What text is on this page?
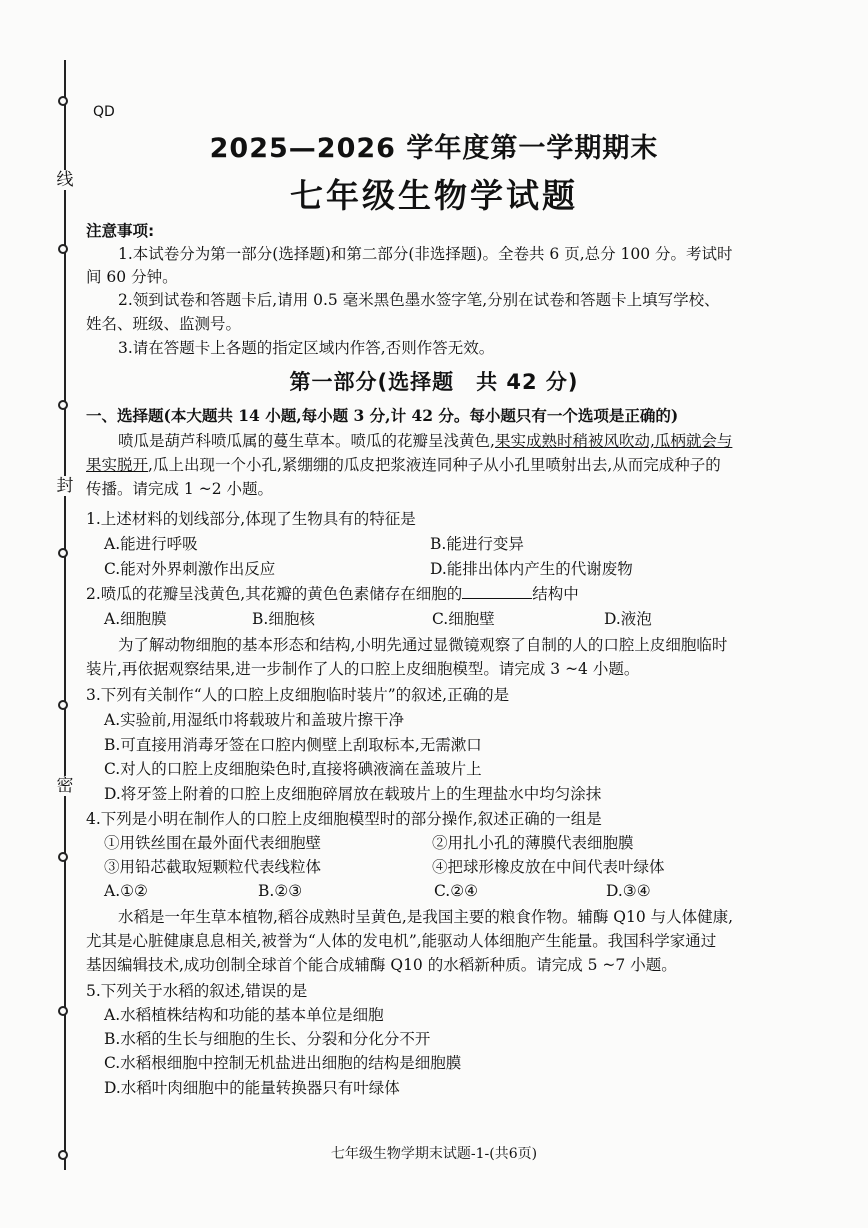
线
封
密
QD
2025—2026 学年度第一学期期末
七年级生物学试题
注意事项:
1.本试卷分为第一部分(选择题)和第二部分(非选择题)。全卷共 6 页,总分 100 分。考试时
间 60 分钟。
2.领到试卷和答题卡后,请用 0.5 毫米黑色墨水签字笔,分别在试卷和答题卡上填写学校、
姓名、班级、监测号。
3.请在答题卡上各题的指定区域内作答,否则作答无效。
第一部分(选择题　共 42 分)
一、选择题(本大题共 14 小题,每小题 3 分,计 42 分。每小题只有一个选项是正确的)
喷瓜是葫芦科喷瓜属的蔓生草本。喷瓜的花瓣呈浅黄色,果实成熟时稍被风吹动,瓜柄就会与
果实脱开,瓜上出现一个小孔,紧绷绷的瓜皮把浆液连同种子从小孔里喷射出去,从而完成种子的
传播。请完成 1 ~2 小题。
1.上述材料的划线部分,体现了生物具有的特征是
A.能进行呼吸	B.能进行变异
C.能对外界刺激作出反应	D.能排出体内产生的代谢废物
2.喷瓜的花瓣呈浅黄色,其花瓣的黄色色素储存在细胞的	结构中
A.细胞膜	B.细胞核	C.细胞壁	D.液泡
为了解动物细胞的基本形态和结构,小明先通过显微镜观察了自制的人的口腔上皮细胞临时
装片,再依据观察结果,进一步制作了人的口腔上皮细胞模型。请完成 3 ~4 小题。
3.下列有关制作“人的口腔上皮细胞临时装片”的叙述,正确的是
A.实验前,用湿纸巾将载玻片和盖玻片擦干净
B.可直接用消毒牙签在口腔内侧壁上刮取标本,无需漱口
C.对人的口腔上皮细胞染色时,直接将碘液滴在盖玻片上
D.将牙签上附着的口腔上皮细胞碎屑放在载玻片上的生理盐水中均匀涂抹
4.下列是小明在制作人的口腔上皮细胞模型时的部分操作,叙述正确的一组是
①用铁丝围在最外面代表细胞壁	②用扎小孔的薄膜代表细胞膜
③用铅芯截取短颗粒代表线粒体	④把球形橡皮放在中间代表叶绿体
A.①②	B.②③	C.②④	D.③④
水稻是一年生草本植物,稻谷成熟时呈黄色,是我国主要的粮食作物。辅酶 Q10 与人体健康,
尤其是心脏健康息息相关,被誉为“人体的发电机”,能驱动人体细胞产生能量。我国科学家通过
基因编辑技术,成功创制全球首个能合成辅酶 Q10 的水稻新种质。请完成 5 ~7 小题。
5.下列关于水稻的叙述,错误的是
A.水稻植株结构和功能的基本单位是细胞
B.水稻的生长与细胞的生长、分裂和分化分不开
C.水稻根细胞中控制无机盐进出细胞的结构是细胞膜
D.水稻叶肉细胞中的能量转换器只有叶绿体
七年级生物学期末试题-1-(共6页)
